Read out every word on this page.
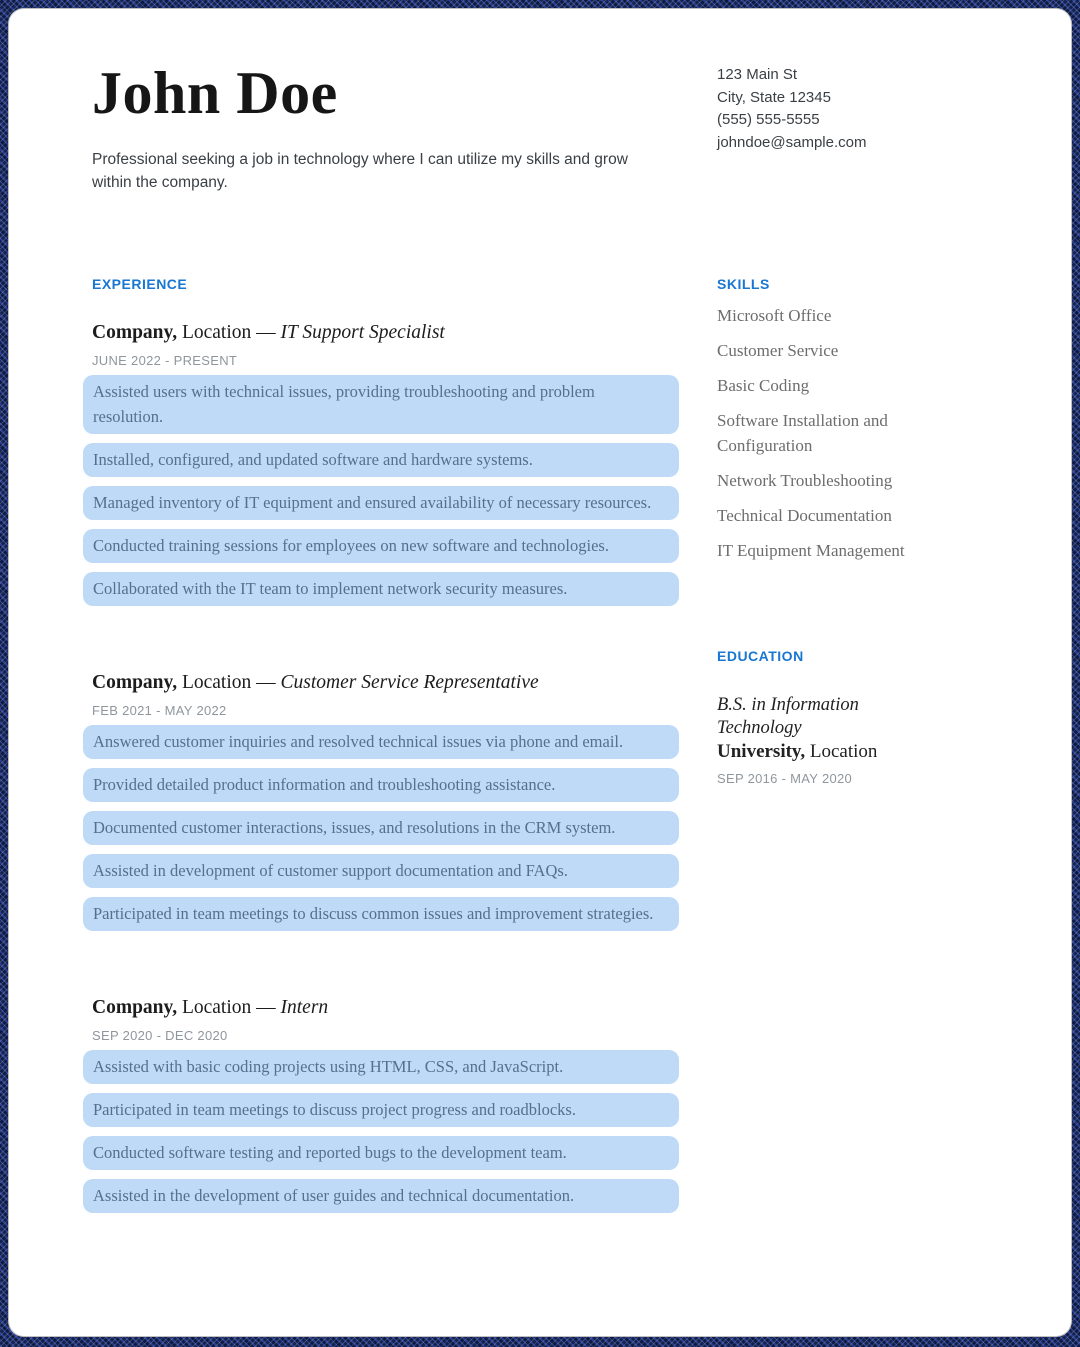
John Doe
Professional seeking a job in technology where I can utilize my skills and grow within the company.
123 Main St
City, State 12345
(555) 555-5555
johndoe@sample.com
EXPERIENCE
Company, Location — IT Support Specialist
JUNE 2022 - PRESENT
Assisted users with technical issues, providing troubleshooting and problem resolution.
Installed, configured, and updated software and hardware systems.
Managed inventory of IT equipment and ensured availability of necessary resources.
Conducted training sessions for employees on new software and technologies.
Collaborated with the IT team to implement network security measures.
Company, Location — Customer Service Representative
FEB 2021 - MAY 2022
Answered customer inquiries and resolved technical issues via phone and email.
Provided detailed product information and troubleshooting assistance.
Documented customer interactions, issues, and resolutions in the CRM system.
Assisted in development of customer support documentation and FAQs.
Participated in team meetings to discuss common issues and improvement strategies.
Company, Location — Intern
SEP 2020 - DEC 2020
Assisted with basic coding projects using HTML, CSS, and JavaScript.
Participated in team meetings to discuss project progress and roadblocks.
Conducted software testing and reported bugs to the development team.
Assisted in the development of user guides and technical documentation.
SKILLS
Microsoft Office
Customer Service
Basic Coding
Software Installation and Configuration
Network Troubleshooting
Technical Documentation
IT Equipment Management
EDUCATION
B.S. in Information Technology
University, Location
SEP 2016 - MAY 2020
